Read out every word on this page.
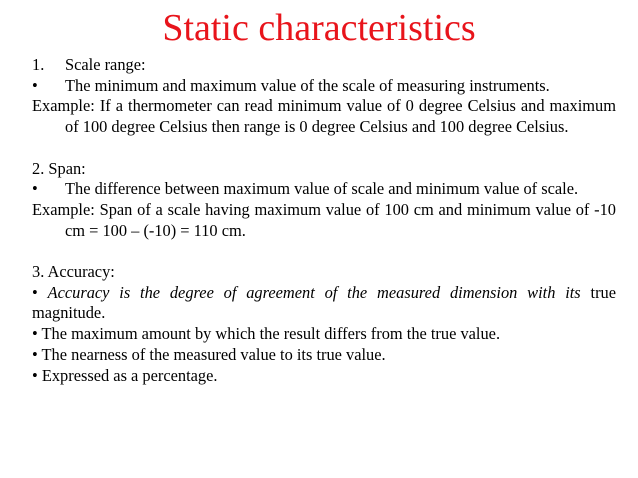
Static characteristics
1.	Scale range:
•	The minimum and maximum value of the scale of measuring instruments.
Example: If a thermometer can read minimum value of 0 degree Celsius and maximum of 100 degree Celsius then range is 0 degree Celsius and 100 degree Celsius.
2. Span:
•	The difference between maximum value of scale and minimum value of scale.
Example: Span of a scale having maximum value of 100 cm and minimum value of -10 cm = 100 – (-10) = 110 cm.
3. Accuracy:
• Accuracy is the degree of agreement of the measured dimension with its true magnitude.
• The maximum amount by which the result differs from the true value.
• The nearness of the measured value to its true value.
• Expressed as a percentage.
